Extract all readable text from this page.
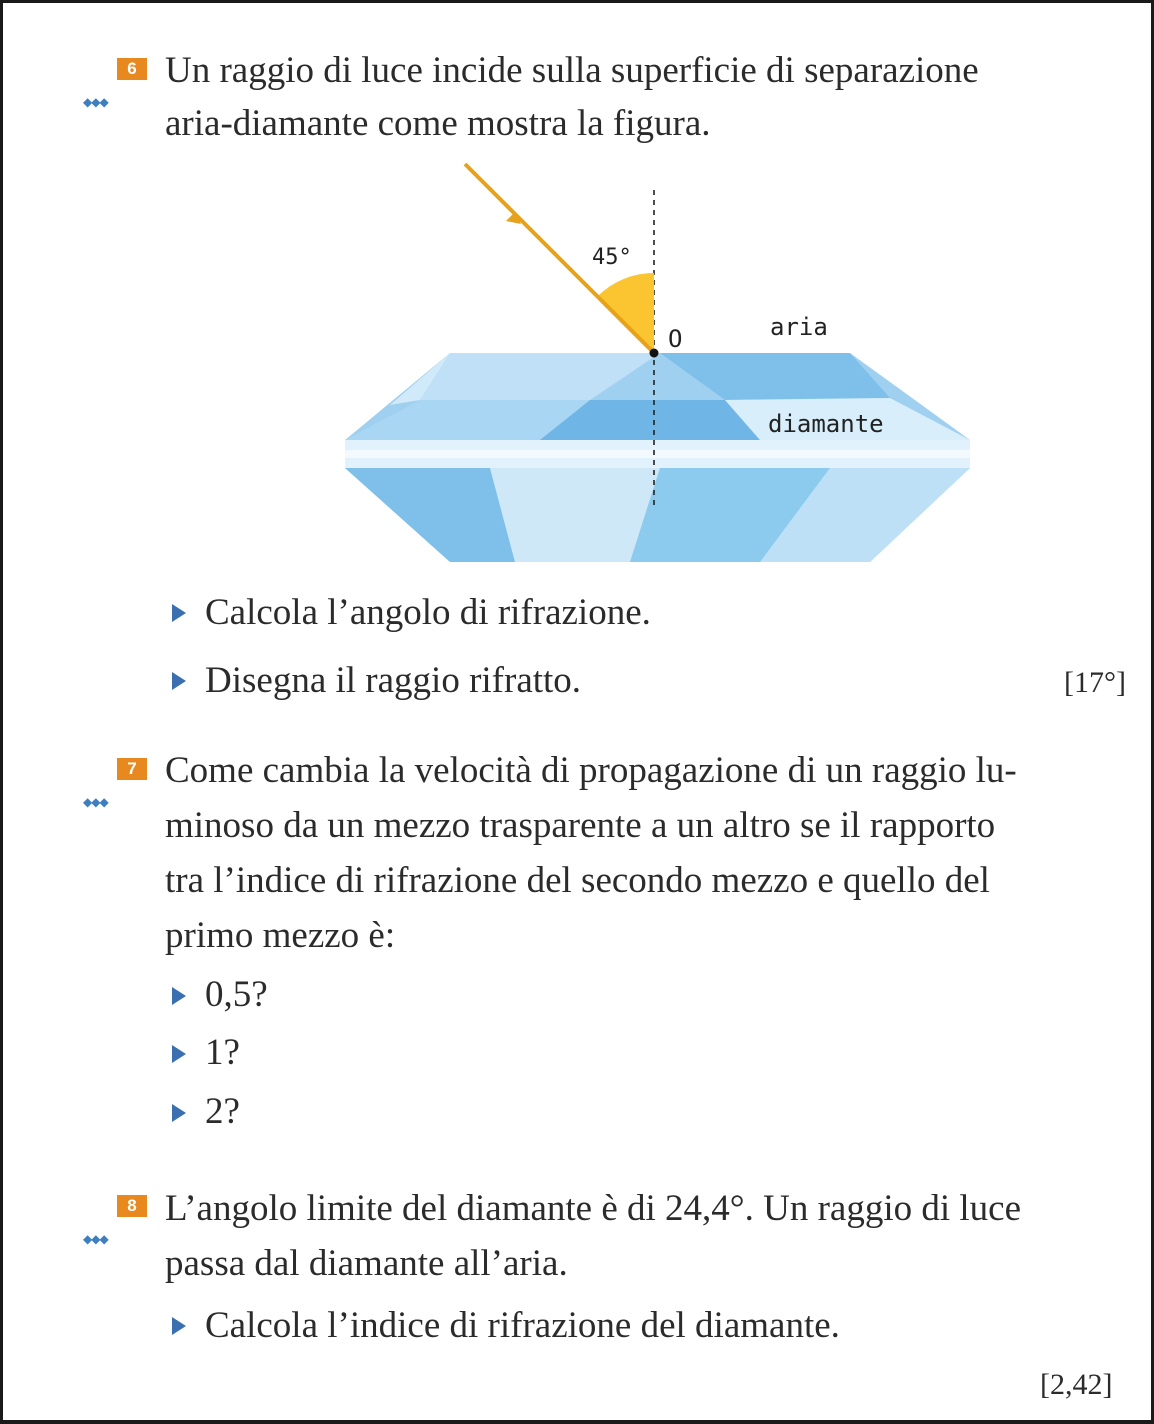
6
◆◆◆
Un raggio di luce incide sulla superficie di separazione
aria-diamante come mostra la figura.
45°
O	aria
diamante
Calcola l’angolo di rifrazione.
Disegna il raggio rifratto.	[17°]
7
◆◆◆
Come cambia la velocità di propagazione di un raggio lu-
minoso da un mezzo trasparente a un altro se il rapporto
tra l’indice di rifrazione del secondo mezzo e quello del
primo mezzo è:
0,5?
1?
2?
8
◆◆◆
L’angolo limite del diamante è di 24,4°. Un raggio di luce
passa dal diamante all’aria.
Calcola l’indice di rifrazione del diamante.
[2,42]
